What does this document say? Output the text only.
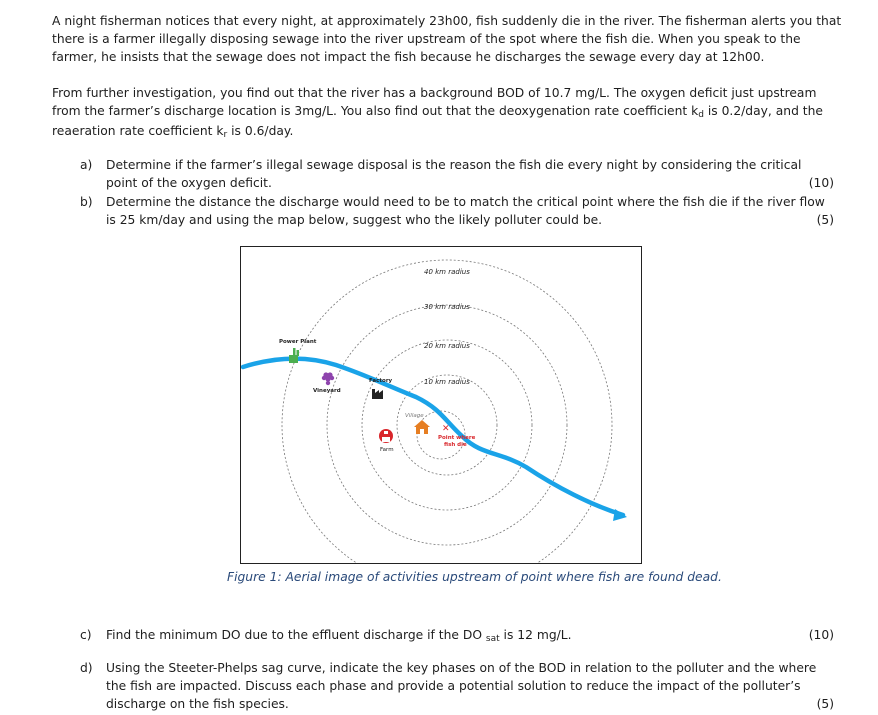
A night fisherman notices that every night, at approximately 23h00, fish suddenly die in the river. The fisherman alerts you that there is a farmer illegally disposing sewage into the river upstream of the spot where the fish die. When you speak to the farmer, he insists that the sewage does not impact the fish because he discharges the sewage every day at 12h00.

From further investigation, you find out that the river has a background BOD of 10.7 mg/L. The oxygen deficit just upstream from the farmer’s discharge location is 3mg/L. You also find out that the deoxygenation rate coefficient kd is 0.2/day, and the reaeration rate coefficient kr is 0.6/day.

a) Determine if the farmer’s illegal sewage disposal is the reason the fish die every night by considering the critical point of the oxygen deficit.	(10)
b) Determine the distance the discharge would need to be to match the critical point where the fish die if the river flow is 25 km/day and using the map below, suggest who the likely polluter could be.	(5)
40 km radius
30 km radius
20 km radius
10 km radius
Power Plant
Vineyard
Factory
Village
Farm
✕
Point where
fish die
Figure 1: Aerial image of activities upstream of point where fish are found dead.
c) Find the minimum DO due to the effluent discharge if the DO sat is 12 mg/L.	(10)
d) Using the Steeter-Phelps sag curve, indicate the key phases on of the BOD in relation to the polluter and the where the fish are impacted. Discuss each phase and provide a potential solution to reduce the impact of the polluter’s discharge on the fish species.	(5)
